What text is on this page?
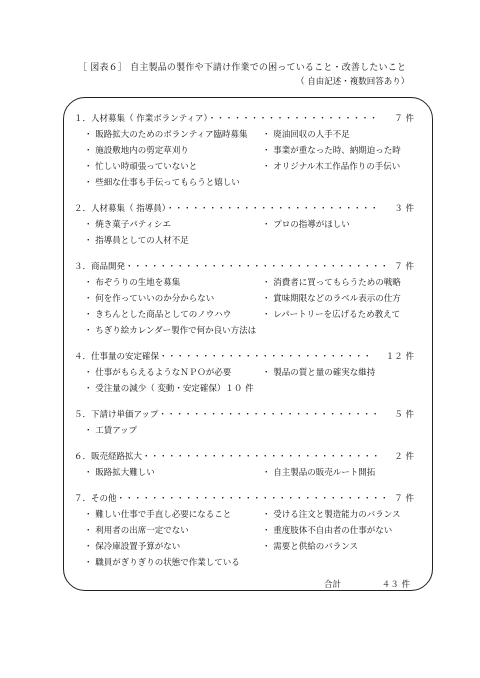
［ 図表６］ 自主製品の製作や下請け作業での困っていること・改善したいこと
（ 自由記述・複数回答あり）
１．人材募集（ 作業ボランティア）・・・・・・・・・・・・・・・・・・・・ ７ 件
・ 販路拡大のためのボランティア臨時募集 ・ 廃油回収の人手不足
・ 施設敷地内の剪定草刈り	・ 事業が重なった時、納期迫った時
・ 忙しい時頑張っていないと	・ オリジナル木工作品作りの手伝い
・ 些細な仕事も手伝ってもらうと嬉しい
２．人材募集（ 指導員）・・・・・・・・・・・・・・・・・・・・・・・・・ ３ 件
・ 焼き菓子パティシエ	・ プロの指導がほしい
・ 指導員としての人材不足
３．商品開発・・・・・・・・・・・・・・・・・・・・・・・・・・・・・・・ ７ 件
・ 布ぞうりの生地を募集	・ 消費者に買ってもらうための戦略
・ 何を作っていいのか分からない	・ 賞味期限などのラベル表示の仕方
・ きちんとした商品としてのノウハウ	・ レパートリーを広げるため教えて
・ ちぎり絵カレンダー製作で何か良い方法は
４．仕事量の安定確保・・・・・・・・・・・・・・・・・・・・・・・・・ １２ 件
・ 仕事がもらえるようなＮＰＯが必要	・ 製品の質と量の確実な維持
・ 受注量の減少（ 変動・安定確保）１０ 件
５．下請け単価アップ・・・・・・・・・・・・・・・・・・・・・・・・・・ ５ 件
・ 工賃アップ
６．販売経路拡大・・・・・・・・・・・・・・・・・・・・・・・・・・・・ ２ 件
・ 販路拡大難しい	・ 自主製品の販売ルート開拓
７．その他・・・・・・・・・・・・・・・・・・・・・・・・・・・・・・・・ ７ 件
・ 難しい仕事で手直し必要になること	・ 受ける注文と製造能力のバランス
・ 利用者の出席一定でない	・ 重度肢体不自由者の仕事がない
・ 保冷庫設置予算がない	・ 需要と供給のバランス
・ 職員がぎりぎりの状態で作業している
合計	４３ 件
